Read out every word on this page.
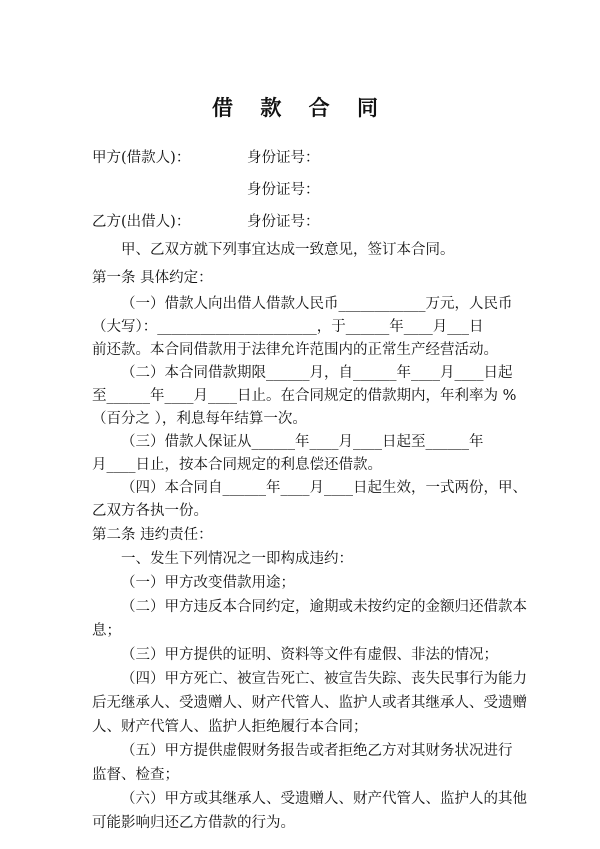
借 款 合 同
甲方(借款人)：	身份证号：
身份证号：
乙方(出借人)：	身份证号：
甲、乙双方就下列事宜达成一致意见，签订本合同。
第一条 具体约定：
（一）借款人向出借人借款人民币____________万元，人民币
（大写）：______________________，于______年____月___日
前还款。本合同借款用于法律允许范围内的正常生产经营活动。
（二）本合同借款期限______月，自______年____月____日起
至______年____月____日止。在合同规定的借款期内，年利率为 %
（百分之 ），利息每年结算一次。
（三）借款人保证从______年____月____日起至______年
月____日止，按本合同规定的利息偿还借款。
（四）本合同自______年____月____日起生效，一式两份，甲、
乙双方各执一份。
第二条 违约责任：
一、发生下列情况之一即构成违约：
（一）甲方改变借款用途；
（二）甲方违反本合同约定，逾期或未按约定的金额归还借款本
息；
（三）甲方提供的证明、资料等文件有虚假、非法的情况；
（四）甲方死亡、被宣告死亡、被宣告失踪、丧失民事行为能力
后无继承人、受遗赠人、财产代管人、监护人或者其继承人、受遗赠
人、财产代管人、监护人拒绝履行本合同；
（五）甲方提供虚假财务报告或者拒绝乙方对其财务状况进行
监督、检查；
（六）甲方或其继承人、受遗赠人、财产代管人、监护人的其他
可能影响归还乙方借款的行为。
